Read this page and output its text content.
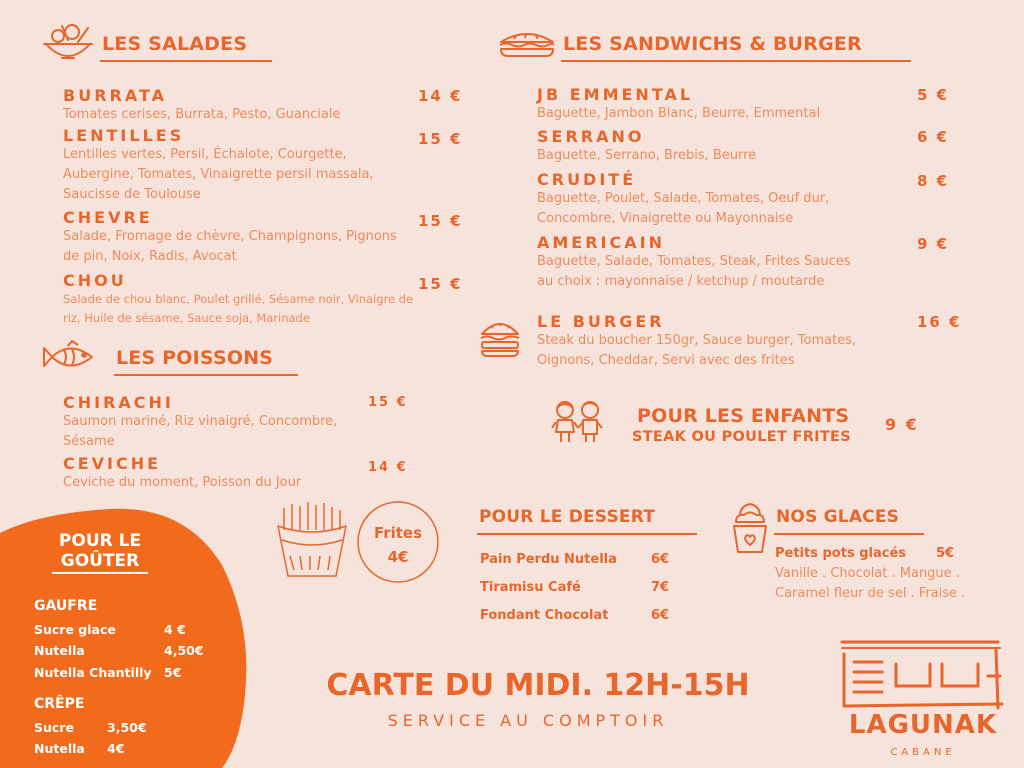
LES SALADES
BURRATA
Tomates cerises, Burrata, Pesto, Guanciale
14 €
LENTILLES
Lentilles vertes, Persil, Échalote, Courgette, Aubergine, Tomates, Vinaigrette persil massala, Saucisse de Toulouse
15 €
CHEVRE
Salade, Fromage de chèvre, Champignons, Pignons de pin, Noix, Radis, Avocat
15 €
CHOU
Salade de chou blanc, Poulet grillé, Sésame noir, Vinaigre de riz, Huile de sésame, Sauce soja, Marinade
15 €
LES POISSONS
CHIRACHI
Saumon mariné, Riz vinaigré, Concombre, Sésame
15 €
CEVICHE
Ceviche du moment, Poisson du Jour
14 €
LES SANDWICHS & BURGER
JB EMMENTAL
Baguette, Jambon Blanc, Beurre, Emmental
5 €
SERRANO
Baguette, Serrano, Brebis, Beurre
6 €
CRUDITÉ
Baguette, Poulet, Salade, Tomates, Oeuf dur, Concombre, Vinaigrette ou Mayonnaise
8 €
AMERICAIN
Baguette, Salade, Tomates, Steak, Frites Sauces au choix : mayonnaise / ketchup / moutarde
9 €
LE BURGER
Steak du boucher 150gr, Sauce burger, Tomates, Oignons, Cheddar, Servi avec des frites
16 €
POUR LES ENFANTS
STEAK OU POULET FRITES
9 €
Frites
4€
POUR LE DESSERT
Pain Perdu Nutella	6€
Tiramisu Café	7€
Fondant Chocolat	6€
NOS GLACES
Petits pots glacés 5€
Vanille . Chocolat . Mangue .
Caramel fleur de sel . Fraise .
POUR LE
GOÛTER
GAUFRE
Sucre glace	4 €
Nutella	4,50€
Nutella Chantilly 5€
CRÊPE
Sucre	3,50€
Nutella 4€
CARTE DU MIDI. 12H-15H
SERVICE AU COMPTOIR	LAGUNAK
CABANE
